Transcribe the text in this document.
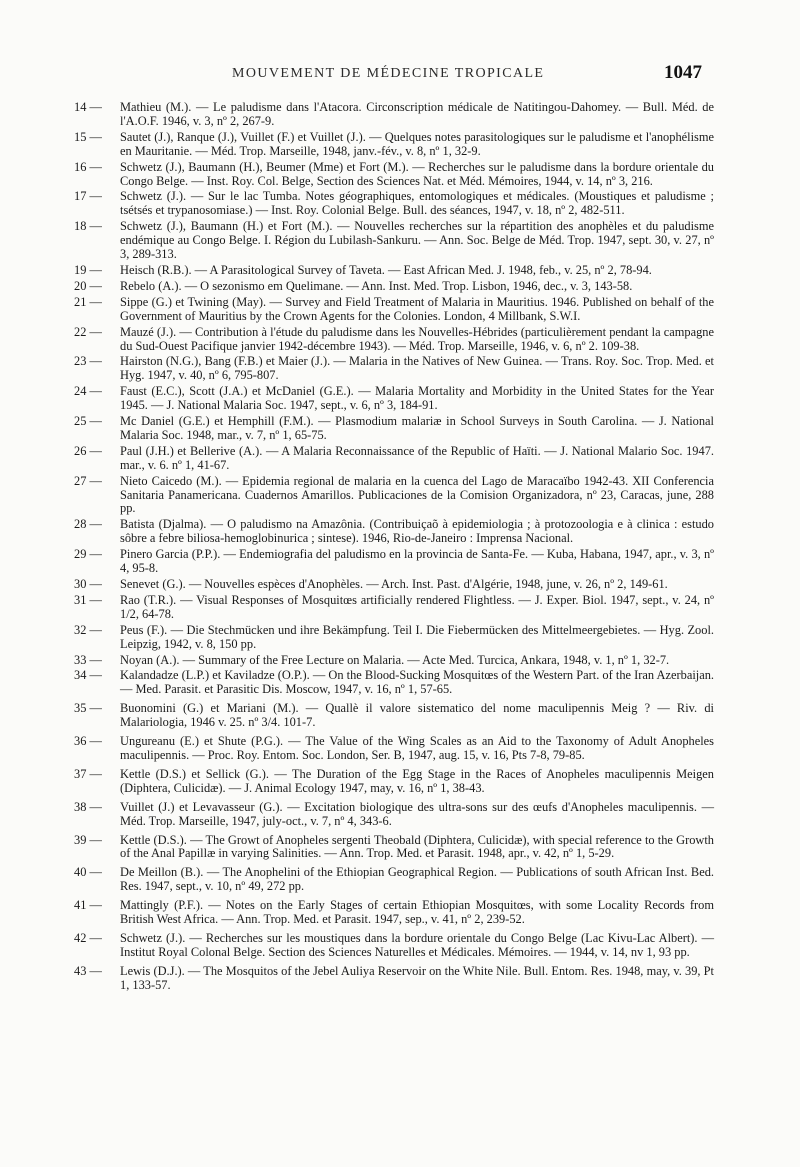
MOUVEMENT DE MÉDECINE TROPICALE	1047
14 —	Mathieu (M.). — Le paludisme dans l'Atacora. Circonscription médicale de Natitingou-Dahomey. — Bull. Méd. de l'A.O.F. 1946, v. 3, nº 2, 267-9.
15 —	Sautet (J.), Ranque (J.), Vuillet (F.) et Vuillet (J.). — Quelques notes parasitologiques sur le paludisme et l'anophélisme en Mauritanie. — Méd. Trop. Marseille, 1948, janv.-fév., v. 8, nº 1, 32-9.
16 —	Schwetz (J.), Baumann (H.), Beumer (Mme) et Fort (M.). — Recherches sur le paludisme dans la bordure orientale du Congo Belge. — Inst. Roy. Col. Belge, Section des Sciences Nat. et Méd. Mémoires, 1944, v. 14, nº 3, 216.
17 —	Schwetz (J.). — Sur le lac Tumba. Notes géographiques, entomologiques et médicales. (Moustiques et paludisme ; tsétsés et trypanosomiase.) — Inst. Roy. Colonial Belge. Bull. des séances, 1947, v. 18, nº 2, 482-511.
18 —	Schwetz (J.), Baumann (H.) et Fort (M.). — Nouvelles recherches sur la répartition des anophèles et du paludisme endémique au Congo Belge. I. Région du Lubilash-Sankuru. — Ann. Soc. Belge de Méd. Trop. 1947, sept. 30, v. 27, nº 3, 289-313.
19 —	Heisch (R.B.). — A Parasitological Survey of Taveta. — East African Med. J. 1948, feb., v. 25, nº 2, 78-94.
20 —	Rebelo (A.). — O sezonismo em Quelimane. — Ann. Inst. Med. Trop. Lisbon, 1946, dec., v. 3, 143-58.
21 —	Sippe (G.) et Twining (May). — Survey and Field Treatment of Malaria in Mauritius. 1946. Published on behalf of the Government of Mauritius by the Crown Agents for the Colonies. London, 4 Millbank, S.W.I.
22 —	Mauzé (J.). — Contribution à l'étude du paludisme dans les Nouvelles-Hébrides (particulièrement pendant la campagne du Sud-Ouest Pacifique janvier 1942-décembre 1943). — Méd. Trop. Marseille, 1946, v. 6, nº 2. 109-38.
23 —	Hairston (N.G.), Bang (F.B.) et Maier (J.). — Malaria in the Natives of New Guinea. — Trans. Roy. Soc. Trop. Med. et Hyg. 1947, v. 40, nº 6, 795-807.
24 —	Faust (E.C.), Scott (J.A.) et McDaniel (G.E.). — Malaria Mortality and Morbidity in the United States for the Year 1945. — J. National Malaria Soc. 1947, sept., v. 6, nº 3, 184-91.
25 —	Mc Daniel (G.E.) et Hemphill (F.M.). — Plasmodium malariæ in School Surveys in South Carolina. — J. National Malaria Soc. 1948, mar., v. 7, nº 1, 65-75.
26 —	Paul (J.H.) et Bellerive (A.). — A Malaria Reconnaissance of the Republic of Haïti. — J. National Malario Soc. 1947. mar., v. 6. nº 1, 41-67.
27 —	Nieto Caicedo (M.). — Epidemia regional de malaria en la cuenca del Lago de Maracaïbo 1942-43. XII Conferencia Sanitaria Panamericana. Cuadernos Amarillos. Publicaciones de la Comision Organizadora, nº 23, Caracas, june, 288 pp.
28 —	Batista (Djalma). — O paludismo na Amazônia. (Contribuiçaõ à epidemiologia ; à protozoologia e à clinica : estudo sôbre a febre biliosa-hemoglobinurica ; sintese). 1946, Rio-de-Janeiro : Imprensa Nacional.
29 —	Pinero Garcia (P.P.). — Endemiografia del paludismo en la provincia de Santa-Fe. — Kuba, Habana, 1947, apr., v. 3, nº 4, 95-8.
30 —	Senevet (G.). — Nouvelles espèces d'Anophèles. — Arch. Inst. Past. d'Algérie, 1948, june, v. 26, nº 2, 149-61.
31 —	Rao (T.R.). — Visual Responses of Mosquitœs artificially rendered Flightless. — J. Exper. Biol. 1947, sept., v. 24, nº 1/2, 64-78.
32 —	Peus (F.). — Die Stechmücken und ihre Bekämpfung. Teil I. Die Fiebermücken des Mittelmeergebietes. — Hyg. Zool. Leipzig, 1942, v. 8, 150 pp.
33 —	Noyan (A.). — Summary of the Free Lecture on Malaria. — Acte Med. Turcica, Ankara, 1948, v. 1, nº 1, 32-7.
34 —	Kalandadze (L.P.) et Kaviladze (O.P.). — On the Blood-Sucking Mosquitœs of the Western Part. of the Iran Azerbaijan. — Med. Parasit. et Parasitic Dis. Moscow, 1947, v. 16, nº 1, 57-65.
35 —	Buonomini (G.) et Mariani (M.). — Quallè il valore sistematico del nome maculipennis Meig ? — Riv. di Malariologia, 1946 v. 25. nº 3/4. 101-7.
36 —	Ungureanu (E.) et Shute (P.G.). — The Value of the Wing Scales as an Aid to the Taxonomy of Adult Anopheles maculipennis. — Proc. Roy. Entom. Soc. London, Ser. B, 1947, aug. 15, v. 16, Pts 7-8, 79-85.
37 —	Kettle (D.S.) et Sellick (G.). — The Duration of the Egg Stage in the Races of Anopheles maculipennis Meigen (Diphtera, Culicidæ). — J. Animal Ecology 1947, may, v. 16, nº 1, 38-43.
38 —	Vuillet (J.) et Levavasseur (G.). — Excitation biologique des ultra-sons sur des œufs d'Anopheles maculipennis. — Méd. Trop. Marseille, 1947, july-oct., v. 7, nº 4, 343-6.
39 —	Kettle (D.S.). — The Growt of Anopheles sergenti Theobald (Diphtera, Culicidæ), with special reference to the Growth of the Anal Papillæ in varying Salinities. — Ann. Trop. Med. et Parasit. 1948, apr., v. 42, nº 1, 5-29.
40 —	De Meillon (B.). — The Anophelini of the Ethiopian Geographical Region. — Publications of south African Inst. Bed. Res. 1947, sept., v. 10, nº 49, 272 pp.
41 —	Mattingly (P.F.). — Notes on the Early Stages of certain Ethiopian Mosquitœs, with some Locality Records from British West Africa. — Ann. Trop. Med. et Parasit. 1947, sep., v. 41, nº 2, 239-52.
42 —	Schwetz (J.). — Recherches sur les moustiques dans la bordure orientale du Congo Belge (Lac Kivu-Lac Albert). — Institut Royal Colonal Belge. Section des Sciences Naturelles et Médicales. Mémoires. — 1944, v. 14, nv 1, 93 pp.
43 —	Lewis (D.J.). — The Mosquitos of the Jebel Auliya Reservoir on the White Nile. Bull. Entom. Res. 1948, may, v. 39, Pt 1, 133-57.
